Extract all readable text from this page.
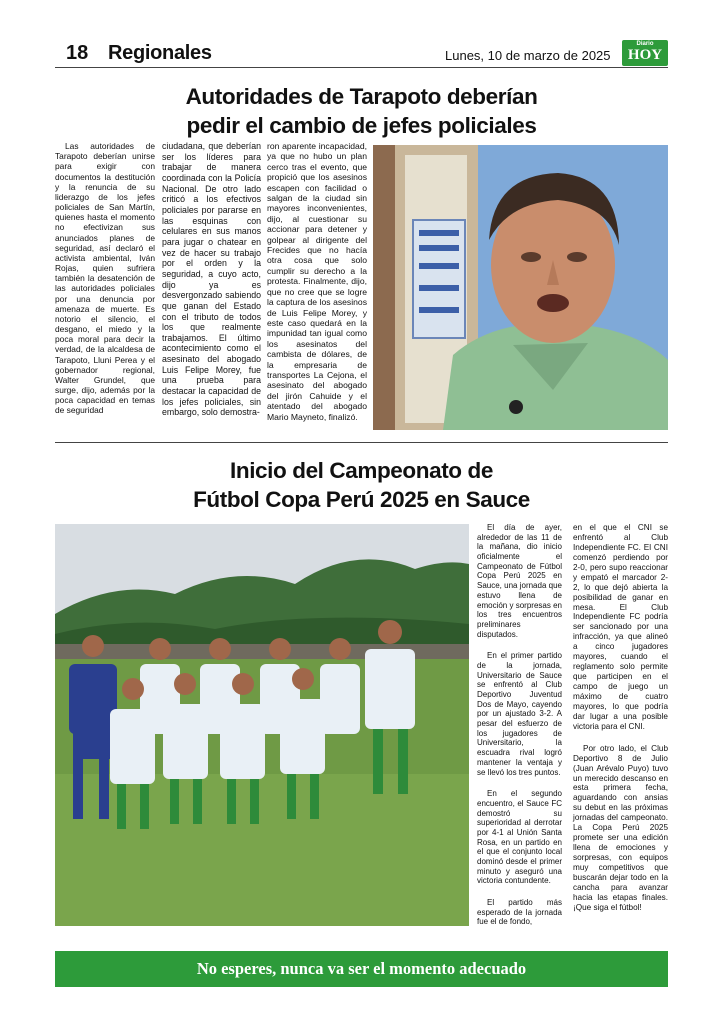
18 Regionales	Lunes, 10 de marzo de 2025
Diario
HOY
Autoridades de Tarapoto deberían
pedir el cambio de jefes policiales

Las autoridades de Tarapoto deberían unirse para exigir con documentos la destitución y la renuncia de su liderazgo de los jefes policiales de San Martín, quienes hasta el momento no efectivizan sus anunciados planes de seguridad, así declaró el activista ambiental, Iván Rojas, quien sufriera también la desatención de las autoridades policiales por una denuncia por amenaza de muerte. Es notorio el silencio, el desgano, el miedo y la poca moral para decir la verdad, de la alcaldesa de Tarapoto, Lluni Perea y el gobernador regional, Walter Grundel, que surge, dijo, además por la poca capacidad en temas de seguridad

ciudadana, que deberían ser los líderes para trabajar de manera coordinada con la Policía Nacional. De otro lado criticó a los efectivos policiales por pararse en las esquinas con celulares en sus manos para jugar o chatear en vez de hacer su trabajo por el orden y la seguridad, a cuyo acto, dijo ya es desvergonzado sabiendo que ganan del Estado con el tributo de todos los que realmente trabajamos. El último acontecimiento como el asesinato del abogado Luis Felipe Morey, fue una prueba para destacar la capacidad de los jefes policiales, sin embargo, solo demostra-

ron aparente incapacidad, ya que no hubo un plan cerco tras el evento, que propició que los asesinos escapen con facilidad o salgan de la ciudad sin mayores inconvenientes, dijo, al cuestionar su accionar para detener y golpear al dirigente del Frecides que no hacía otra cosa que solo cumplir su derecho a la protesta. Finalmente, dijo, que no cree que se logre la captura de los asesinos de Luis Felipe Morey, y este caso quedará en la impunidad tan igual como los asesinatos del cambista de dólares, de la empresaria de transportes La Cejona, el asesinato del abogado del jirón Cahuide y el atentado del abogado Mario Mayneto, finalizó.

Inicio del Campeonato de
Fútbol Copa Perú 2025 en Sauce

El día de ayer, alrededor de las 11 de la mañana, dio inicio oficialmente el Campeonato de Fútbol Copa Perú 2025 en Sauce, una jornada que estuvo llena de emoción y sorpresas en los tres encuentros preliminares disputados.

En el primer partido de la jornada, Universitario de Sauce se enfrentó al Club Deportivo Juventud Dos de Mayo, cayendo por un ajustado 3-2. A pesar del esfuerzo de los jugadores de Universitario, la escuadra rival logró mantener la ventaja y se llevó los tres puntos.

En el segundo encuentro, el Sauce FC demostró su superioridad al derrotar por 4-1 al Unión Santa Rosa, en un partido en el que el conjunto local dominó desde el primer minuto y aseguró una victoria contundente.

El partido más esperado de la jornada fue el de fondo,

en el que el CNI se enfrentó al Club Independiente FC. El CNI comenzó perdiendo por 2-0, pero supo reaccionar y empató el marcador 2-2, lo que dejó abierta la posibilidad de ganar en mesa. El Club Independiente FC podría ser sancionado por una infracción, ya que alineó a cinco jugadores mayores, cuando el reglamento solo permite que participen en el campo de juego un máximo de cuatro mayores, lo que podría dar lugar a una posible victoria para el CNI.

Por otro lado, el Club Deportivo 8 de Julio (Juan Arévalo Puyo) tuvo un merecido descanso en esta primera fecha, aguardando con ansias su debut en las próximas jornadas del campeonato. La Copa Perú 2025 promete ser una edición llena de emociones y sorpresas, con equipos muy competitivos que buscarán dejar todo en la cancha para avanzar hacia las etapas finales. ¡Que siga el fútbol!

No esperes, nunca va ser el momento adecuado
